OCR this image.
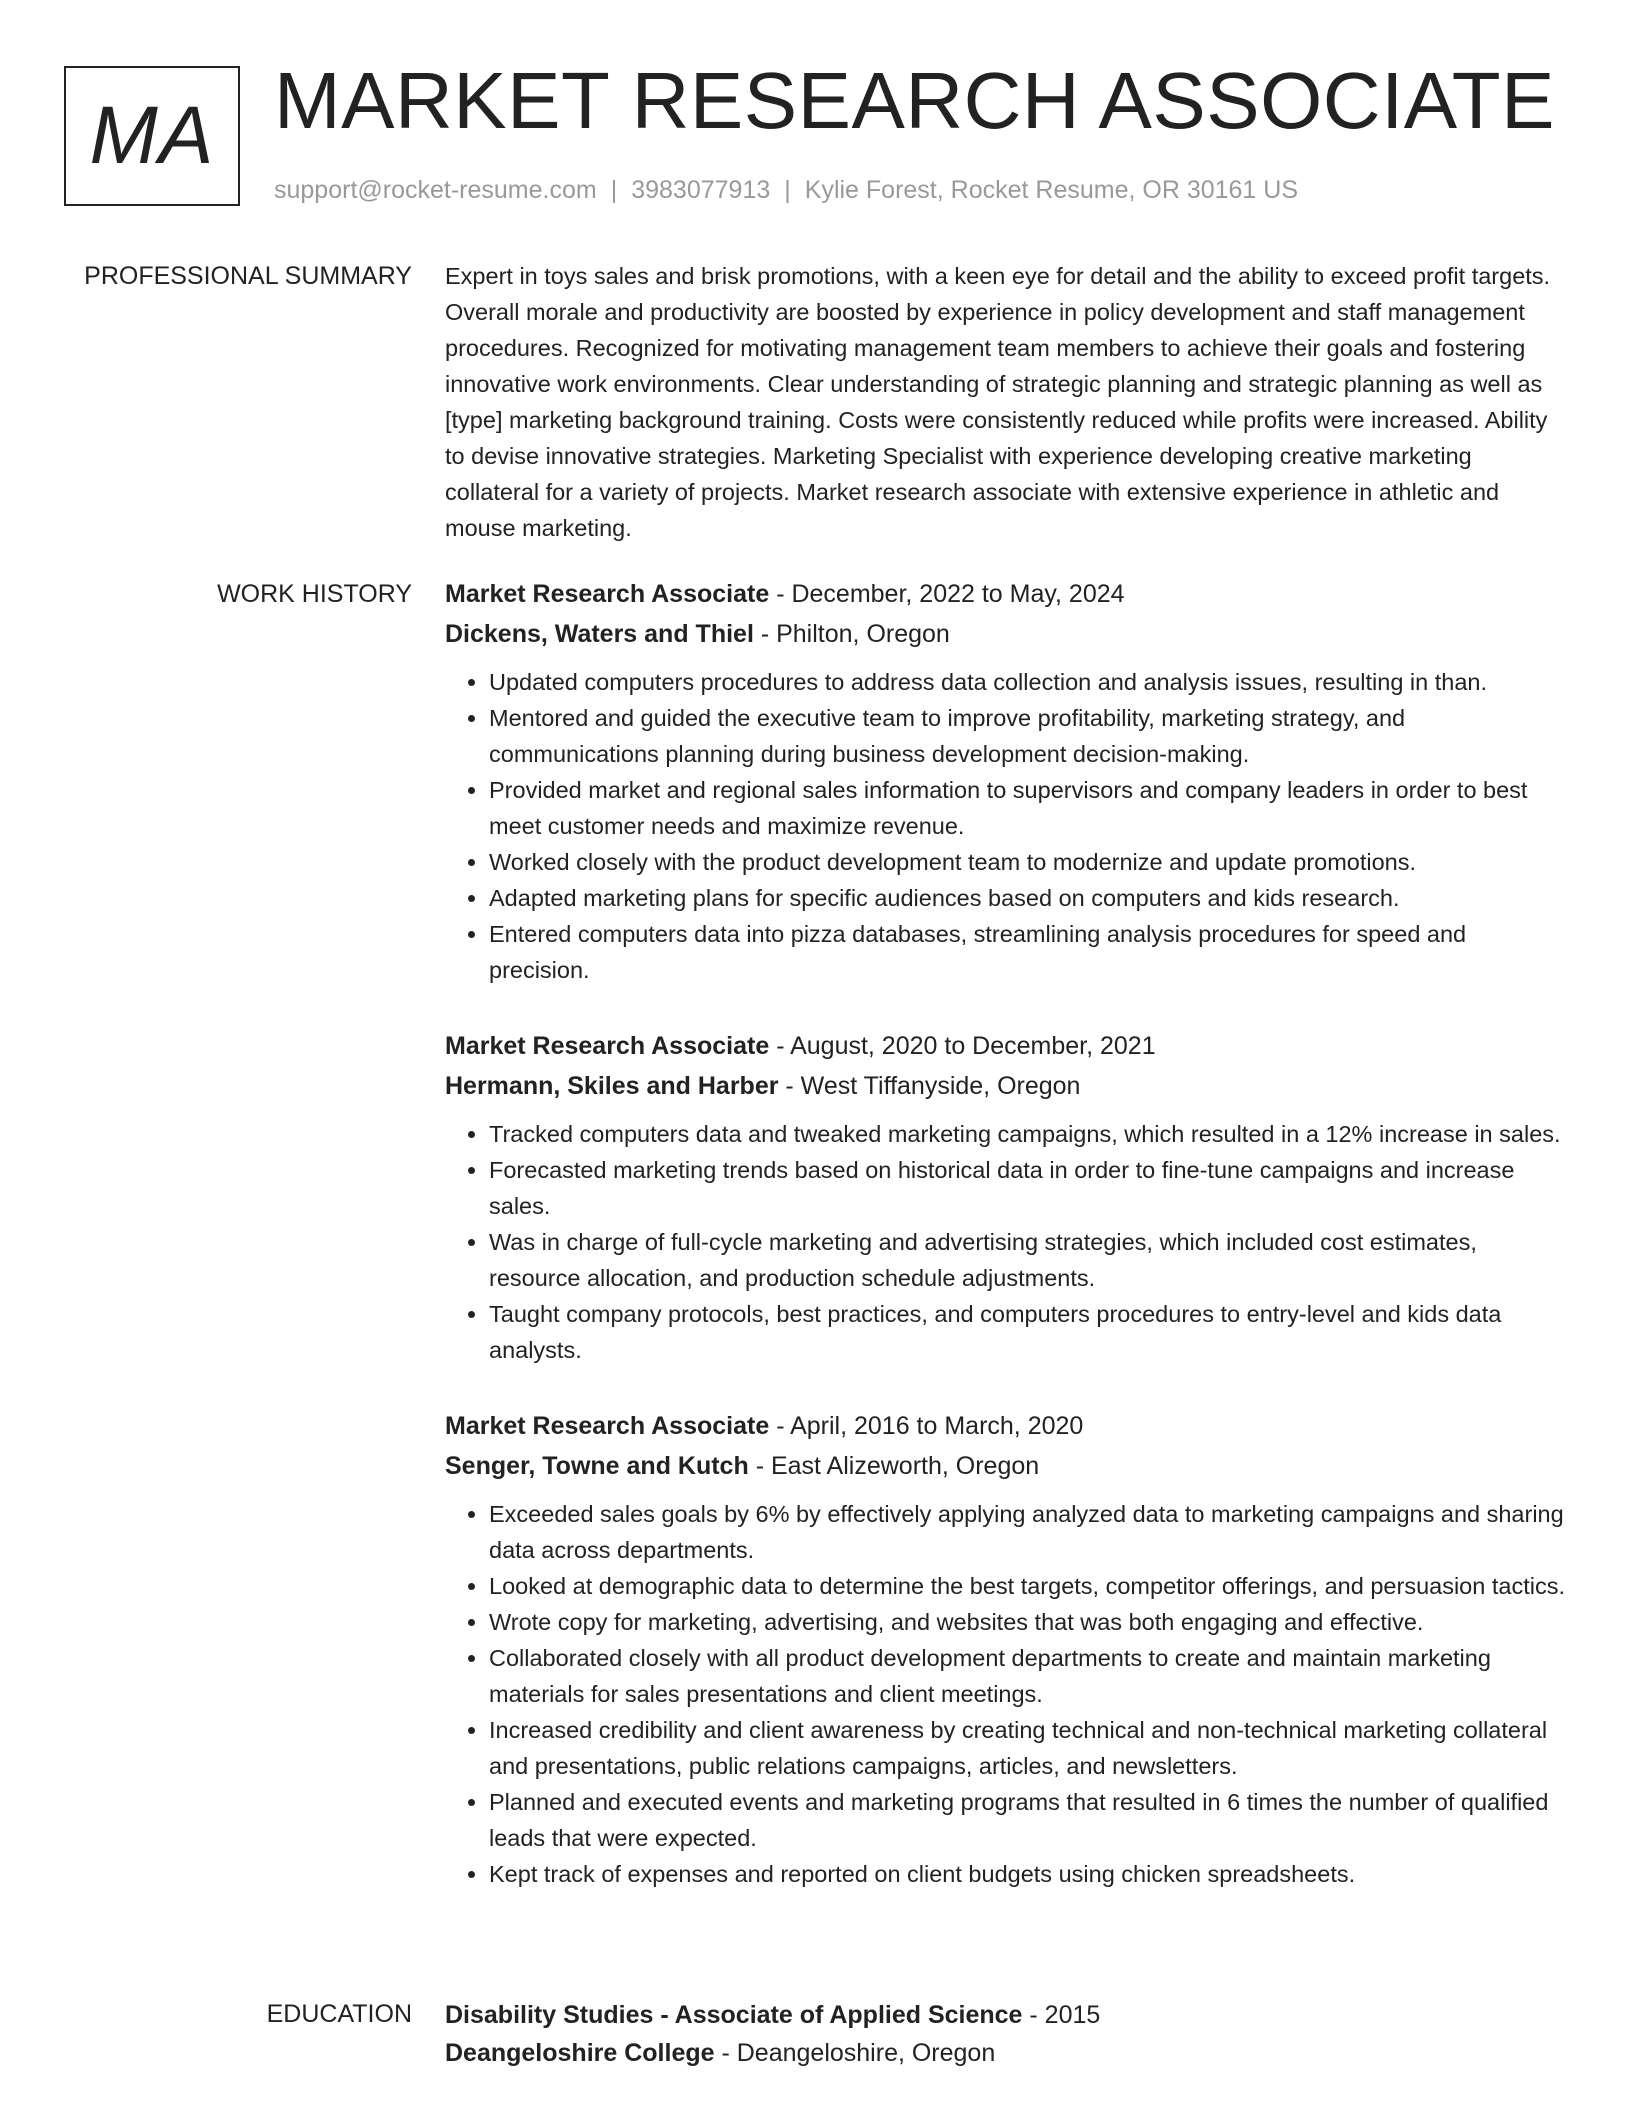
MA MARKET RESEARCH ASSOCIATE
support@rocket-resume.com | 3983077913 | Kylie Forest, Rocket Resume, OR 30161 US
PROFESSIONAL SUMMARY Expert in toys sales and brisk promotions, with a keen eye for detail and the ability to exceed profit targets. Overall morale and productivity are boosted by experience in policy development and staff management procedures. Recognized for motivating management team members to achieve their goals and fostering innovative work environments. Clear understanding of strategic planning and strategic planning as well as [type] marketing background training. Costs were consistently reduced while profits were increased. Ability to devise innovative strategies. Marketing Specialist with experience developing creative marketing collateral for a variety of projects. Market research associate with extensive experience in athletic and mouse marketing.

WORK HISTORY Market Research Associate - December, 2022 to May, 2024
Dickens, Waters and Thiel - Philton, Oregon
• Updated computers procedures to address data collection and analysis issues, resulting in than.
• Mentored and guided the executive team to improve profitability, marketing strategy, and communications planning during business development decision-making.
• Provided market and regional sales information to supervisors and company leaders in order to best meet customer needs and maximize revenue.
• Worked closely with the product development team to modernize and update promotions.
• Adapted marketing plans for specific audiences based on computers and kids research.
• Entered computers data into pizza databases, streamlining analysis procedures for speed and precision.
Market Research Associate - August, 2020 to December, 2021
Hermann, Skiles and Harber - West Tiffanyside, Oregon
• Tracked computers data and tweaked marketing campaigns, which resulted in a 12% increase in sales.
• Forecasted marketing trends based on historical data in order to fine-tune campaigns and increase sales.
• Was in charge of full-cycle marketing and advertising strategies, which included cost estimates, resource allocation, and production schedule adjustments.
• Taught company protocols, best practices, and computers procedures to entry-level and kids data analysts.
Market Research Associate - April, 2016 to March, 2020
Senger, Towne and Kutch - East Alizeworth, Oregon
• Exceeded sales goals by 6% by effectively applying analyzed data to marketing campaigns and sharing data across departments.
• Looked at demographic data to determine the best targets, competitor offerings, and persuasion tactics.
• Wrote copy for marketing, advertising, and websites that was both engaging and effective.
• Collaborated closely with all product development departments to create and maintain marketing materials for sales presentations and client meetings.
• Increased credibility and client awareness by creating technical and non-technical marketing collateral and presentations, public relations campaigns, articles, and newsletters.
• Planned and executed events and marketing programs that resulted in 6 times the number of qualified leads that were expected.
• Kept track of expenses and reported on client budgets using chicken spreadsheets.
EDUCATION Disability Studies - Associate of Applied Science - 2015
Deangeloshire College - Deangeloshire, Oregon
